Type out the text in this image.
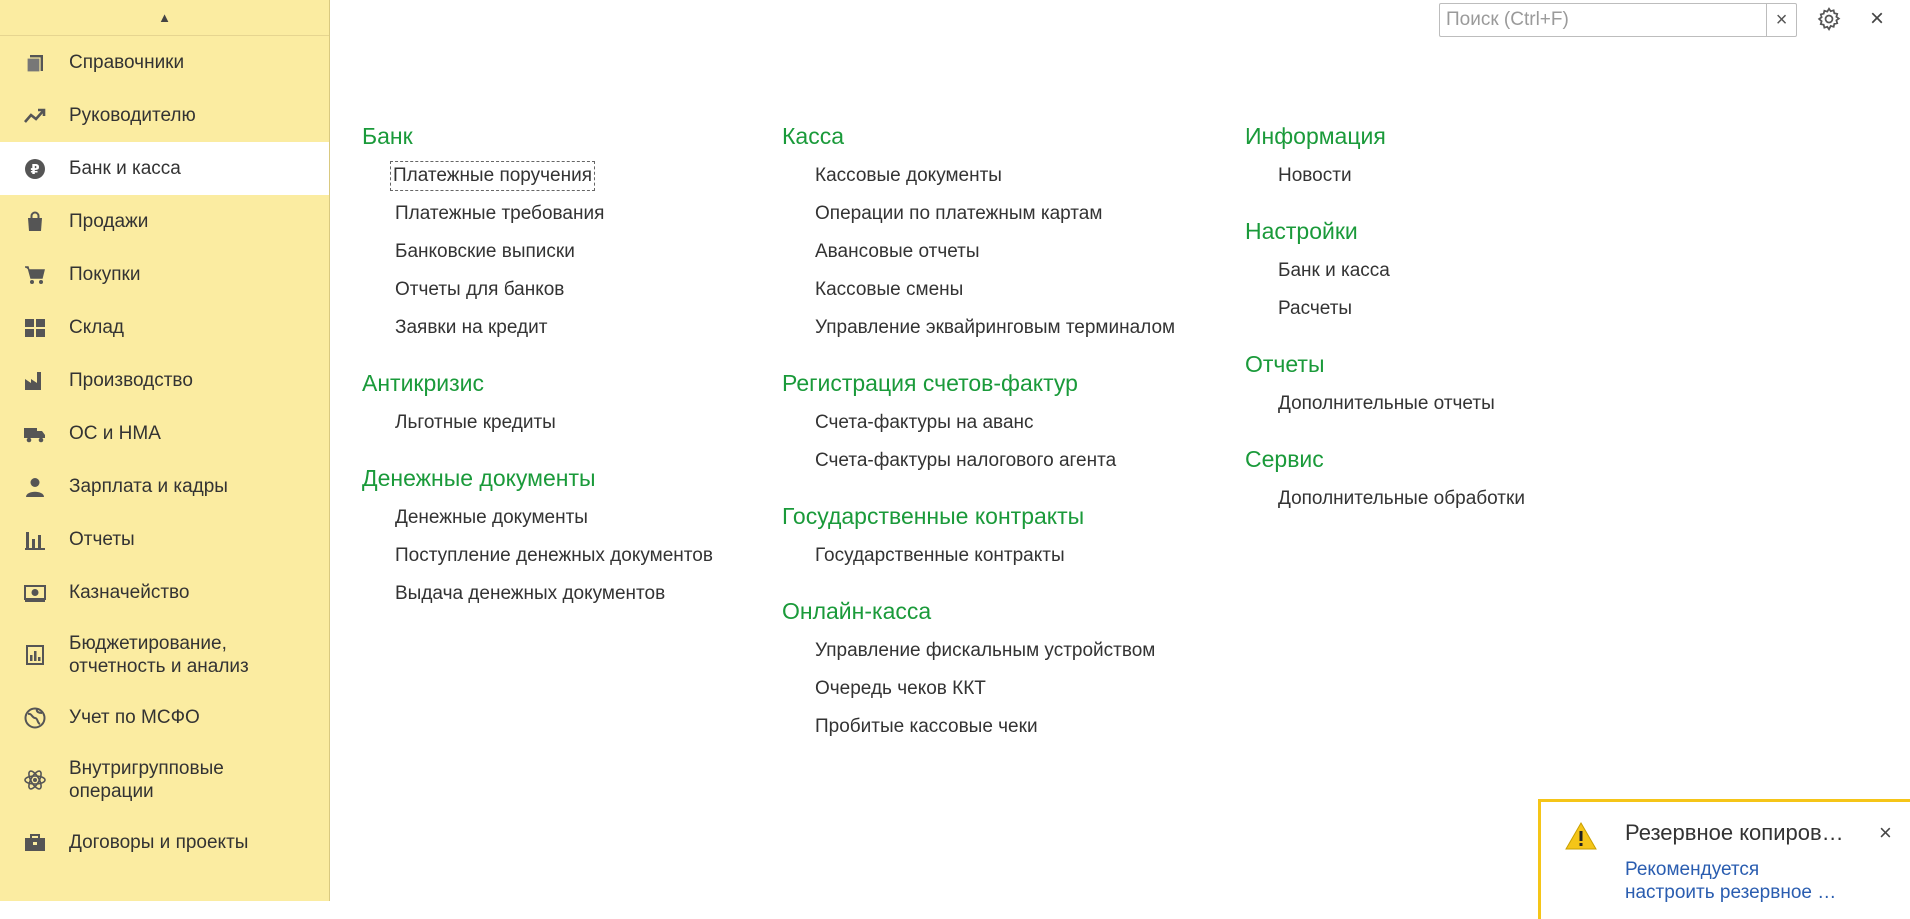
▲
Справочники
Руководителю
₽ Банк и касса
Продажи
Покупки
Склад
Производство
ОС и НМА
Зарплата и кадры
Отчеты
Казначейство
Бюджетирование, отчетность и анализ
Учет по МСФО
Внутригрупповые операции
Договоры и проекты
Поиск (Ctrl+F)
×	×
Банк
Платежные поручения
Платежные требования
Банковские выписки
Отчеты для банков
Заявки на кредит
Антикризис
Льготные кредиты
Денежные документы
Денежные документы
Поступление денежных документов
Выдача денежных документов
Касса
Кассовые документы
Операции по платежным картам
Авансовые отчеты
Кассовые смены
Управление эквайринговым терминалом
Регистрация счетов-фактур
Счета-фактуры на аванс
Счета-фактуры налогового агента
Государственные контракты
Государственные контракты
Онлайн-касса
Управление фискальным устройством
Очередь чеков ККТ
Пробитые кассовые чеки
Информация
Новости
Настройки
Банк и касса
Расчеты
Отчеты
Дополнительные отчеты
Сервис
Дополнительные обработки
Резервное копиров…
Рекомендуется
настроить резервное …
×
